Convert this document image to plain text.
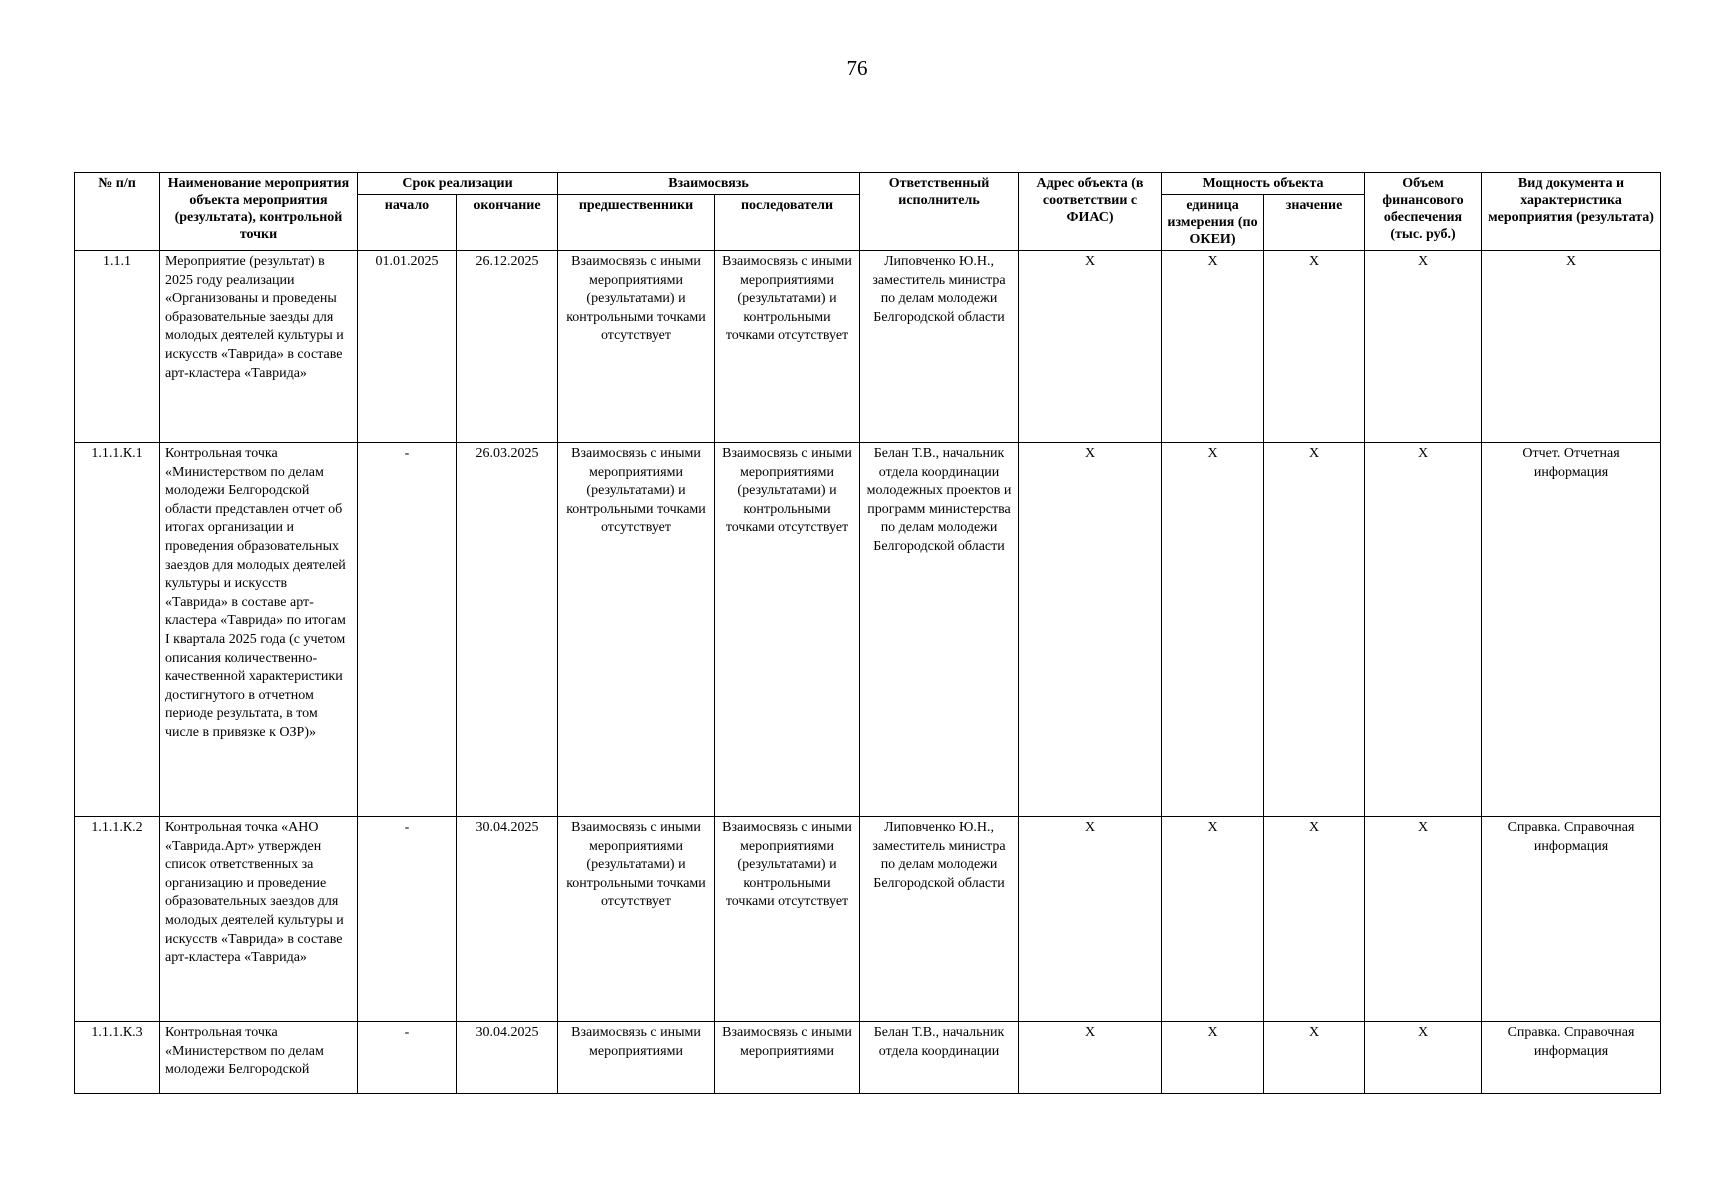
76
№ п/п	Наименование мероприятия объекта мероприятия (результата), контрольной точки	Срок реализации		Взаимосвязь		Ответственный исполнитель	Адрес объекта (в соответствии с ФИАС)	Мощность объекта		Объем финансового обеспечения (тыс. руб.)	Вид документа и характеристика мероприятия (результата)
		начало	окончание	предшественники	последователи			единица измерения (по ОКЕИ)	значение		
1.1.1	Мероприятие (результат) в 2025 году реализации «Организованы и проведены образовательные заезды для молодых деятелей культуры и искусств «Таврида» в составе арт-кластера «Таврида»	01.01.2025	26.12.2025	Взаимосвязь с иными мероприятиями (результатами) и контрольными точками отсутствует	Взаимосвязь с иными мероприятиями (результатами) и контрольными точками отсутствует	Липовченко Ю.Н., заместитель министра по делам молодежи Белгородской области	Х	Х	Х	Х	Х
1.1.1.К.1	Контрольная точка «Министерством по делам молодежи Белгородской области представлен отчет об итогах организации и проведения образовательных заездов для молодых деятелей культуры и искусств «Таврида» в составе арт-кластера «Таврида» по итогам I квартала 2025 года (с учетом описания количественно-качественной характеристики достигнутого в отчетном периоде результата, в том числе в привязке к ОЗР)»	-	26.03.2025	Взаимосвязь с иными мероприятиями (результатами) и контрольными точками отсутствует	Взаимосвязь с иными мероприятиями (результатами) и контрольными точками отсутствует	Белан Т.В., начальник отдела координации молодежных проектов и программ министерства по делам молодежи Белгородской области	Х	Х	Х	Х	Отчет. Отчетная информация
1.1.1.К.2	Контрольная точка «АНО «Таврида.Арт» утвержден список ответственных за организацию и проведение образовательных заездов для молодых деятелей культуры и искусств «Таврида» в составе арт-кластера «Таврида»	-	30.04.2025	Взаимосвязь с иными мероприятиями (результатами) и контрольными точками отсутствует	Взаимосвязь с иными мероприятиями (результатами) и контрольными точками отсутствует	Липовченко Ю.Н., заместитель министра по делам молодежи Белгородской области	Х	Х	Х	Х	Справка. Справочная информация
1.1.1.К.3	Контрольная точка «Министерством по делам молодежи Белгородской	-	30.04.2025	Взаимосвязь с иными мероприятиями	Взаимосвязь с иными мероприятиями	Белан Т.В., начальник отдела координации	Х	Х	Х	Х	Справка. Справочная информация
